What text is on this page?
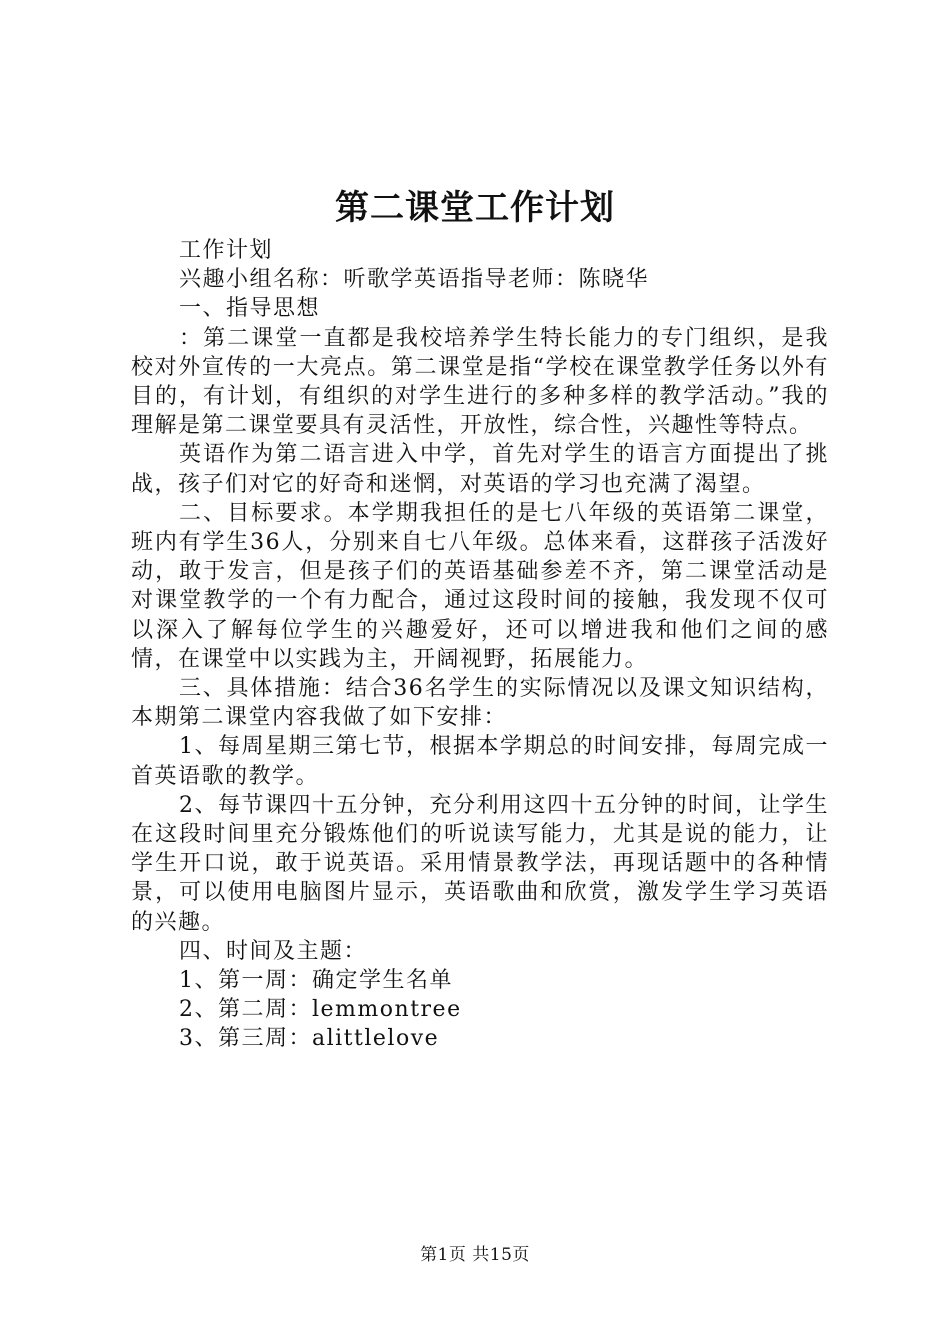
第二课堂工作计划

工作计划

兴趣小组名称：听歌学英语指导老师：陈晓华

一、指导思想

：第二课堂一直都是我校培养学生特长能力的专门组织，是我校对外宣传的一大亮点。第二课堂是指“学校在课堂教学任务以外有目的，有计划，有组织的对学生进行的多种多样的教学活动。”我的理解是第二课堂要具有灵活性，开放性，综合性，兴趣性等特点。

英语作为第二语言进入中学，首先对学生的语言方面提出了挑战，孩子们对它的好奇和迷惘，对英语的学习也充满了渴望。

二、目标要求。本学期我担任的是七八年级的英语第二课堂，班内有学生36人，分别来自七八年级。总体来看，这群孩子活泼好动，敢于发言，但是孩子们的英语基础参差不齐，第二课堂活动是对课堂教学的一个有力配合，通过这段时间的接触，我发现不仅可以深入了解每位学生的兴趣爱好，还可以增进我和他们之间的感情，在课堂中以实践为主，开阔视野，拓展能力。

三、具体措施：结合36名学生的实际情况以及课文知识结构，本期第二课堂内容我做了如下安排：

1、每周星期三第七节，根据本学期总的时间安排，每周完成一首英语歌的教学。

2、每节课四十五分钟，充分利用这四十五分钟的时间，让学生在这段时间里充分锻炼他们的听说读写能力，尤其是说的能力，让学生开口说，敢于说英语。采用情景教学法，再现话题中的各种情景，可以使用电脑图片显示，英语歌曲和欣赏，激发学生学习英语的兴趣。

四、时间及主题：

1、第一周：确定学生名单

2、第二周：lemmontree

3、第三周：alittlelove

第1页 共15页
